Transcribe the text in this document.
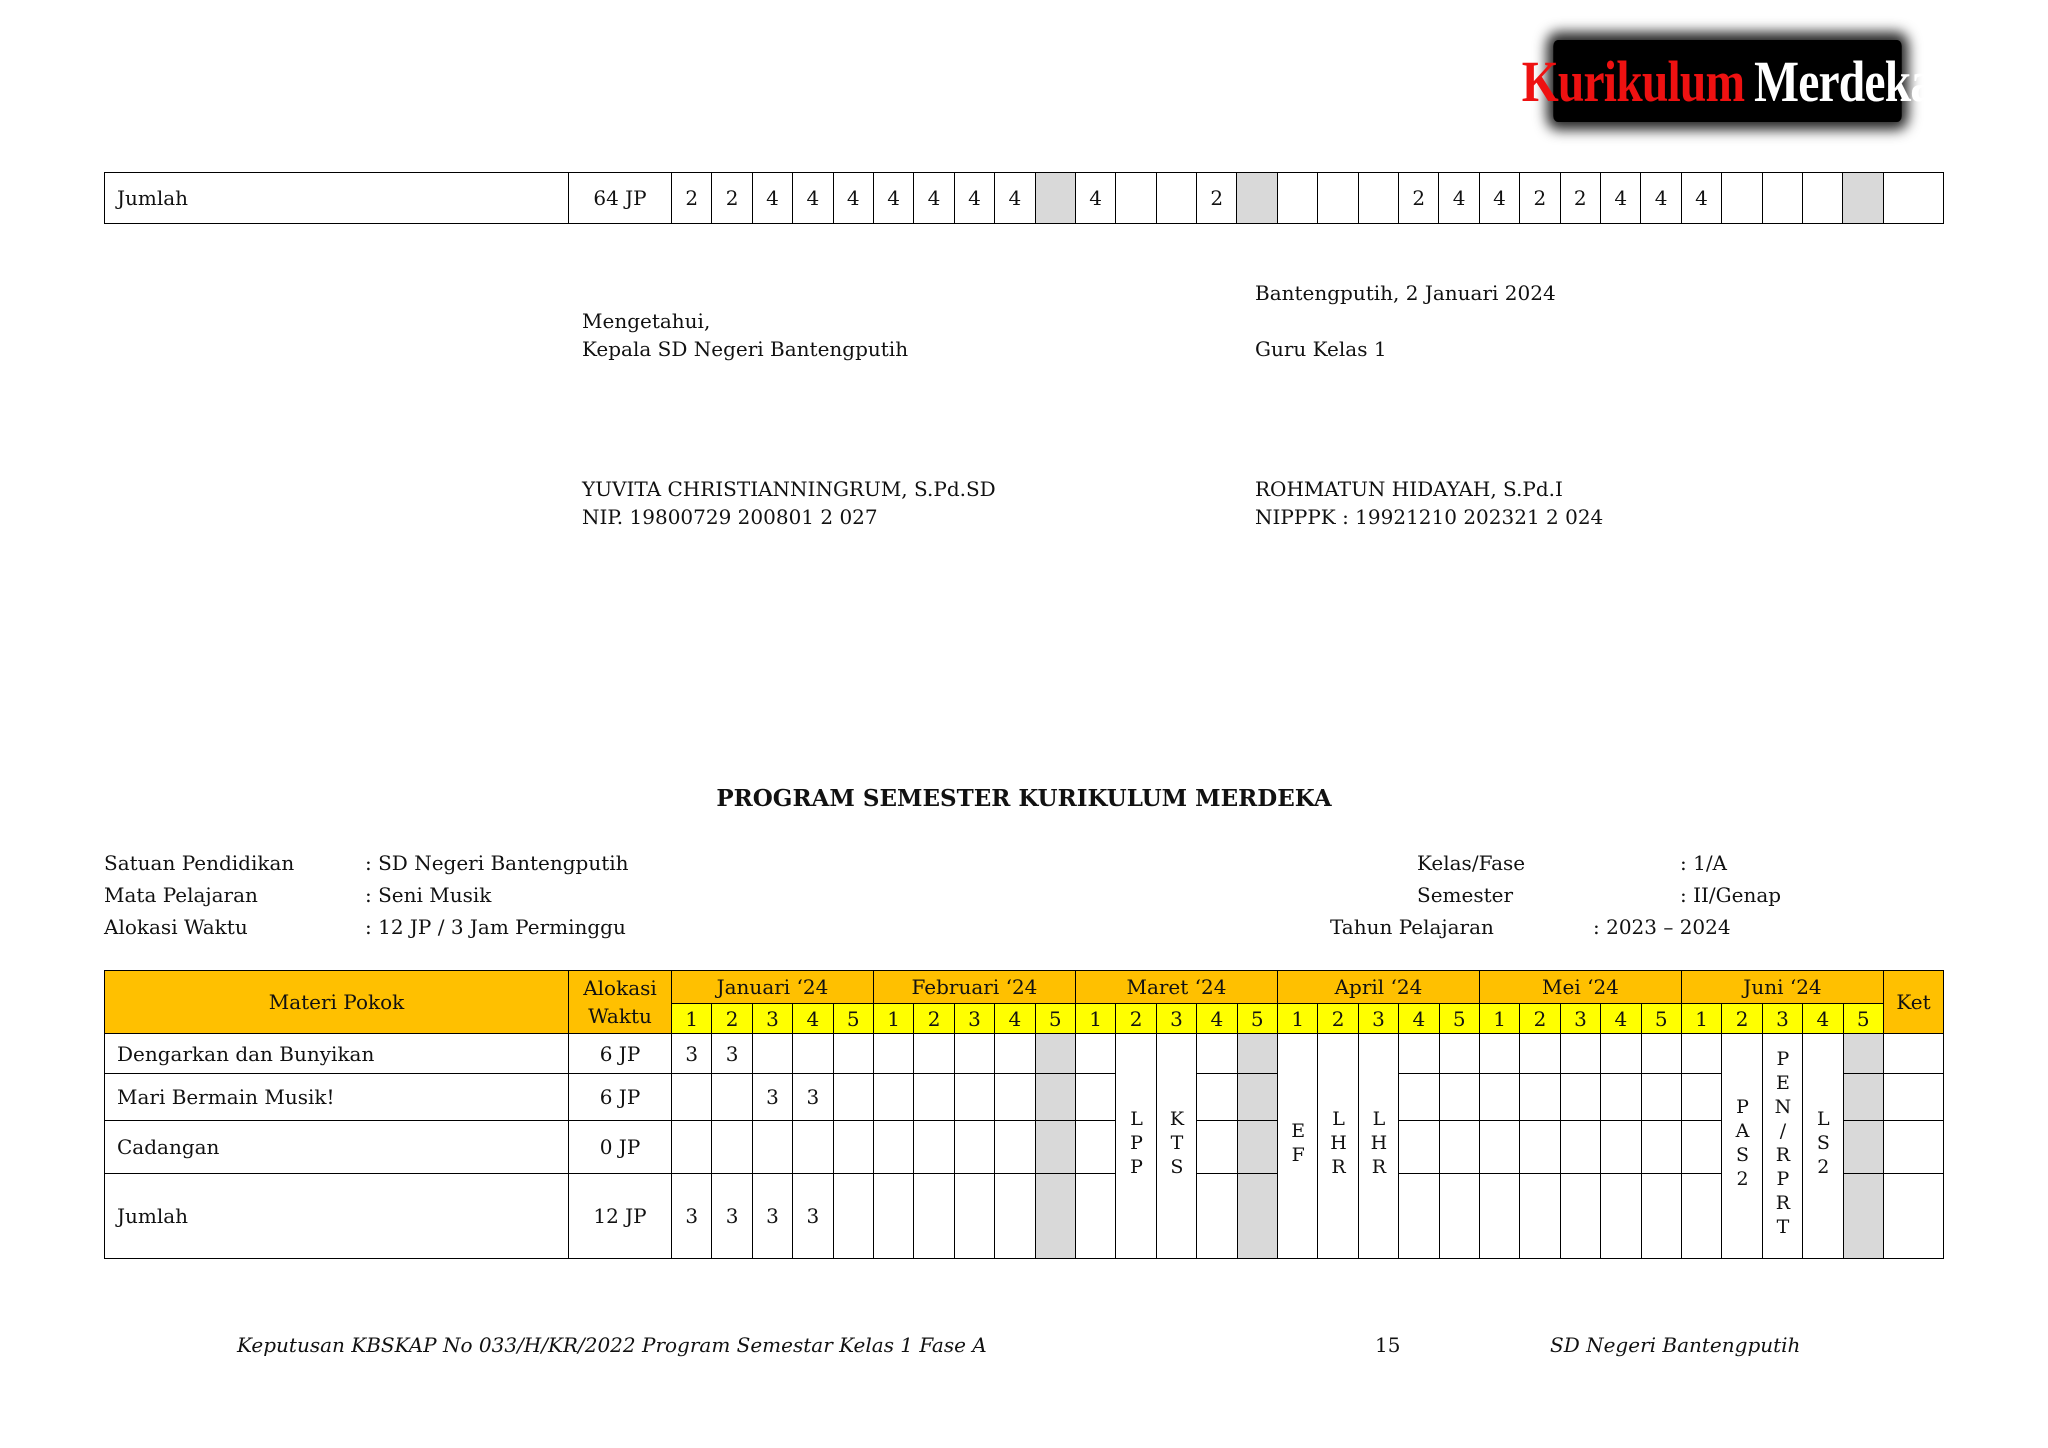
Kurikulum Merdeka
Jumlah	64 JP	2	2	4	4	4	4	4	4	4		4			2					2	4	4	2	2	4	4	4					
Bantengputih, 2 Januari 2024
Mengetahui,
Kepala SD Negeri Bantengputih	Guru Kelas 1
YUVITA CHRISTIANNINGRUM, S.Pd.SD
NIP. 19800729 200801 2 027
ROHMATUN HIDAYAH, S.Pd.I
NIPPPK : 19921210 202321 2 024
PROGRAM SEMESTER KURIKULUM MERDEKA
Satuan Pendidikan	: SD Negeri Bantengputih
Mata Pelajaran	: Seni Musik
Alokasi Waktu	: 12 JP / 3 Jam Perminggu
Kelas/Fase	: 1/A
Semester	: II/Genap
Tahun Pelajaran	: 2023 – 2024
Materi Pokok	Alokasi Waktu	Januari ‘24					Februari ‘24					Maret ‘24					April ‘24					Mei ‘24					Juni ‘24					Ket
		1	2	3	4	5	1	2	3	4	5	1	2	3	4	5	1	2	3	4	5	1	2	3	4	5	1	2	3	4	5	
Dengarkan dan Bunyikan	6 JP	3	3										LPP	KTS			EF	LHR	LHR									PAS2	PEN/RPRT	LS2		
Mari Bermain Musik!	6 JP			3	3																											
Cadangan	0 JP																															
Jumlah	12 JP	3	3	3	3																											
Keputusan KBSKAP No 033/H/KR/2022 Program Semestar Kelas 1 Fase A	15	SD Negeri Bantengputih
